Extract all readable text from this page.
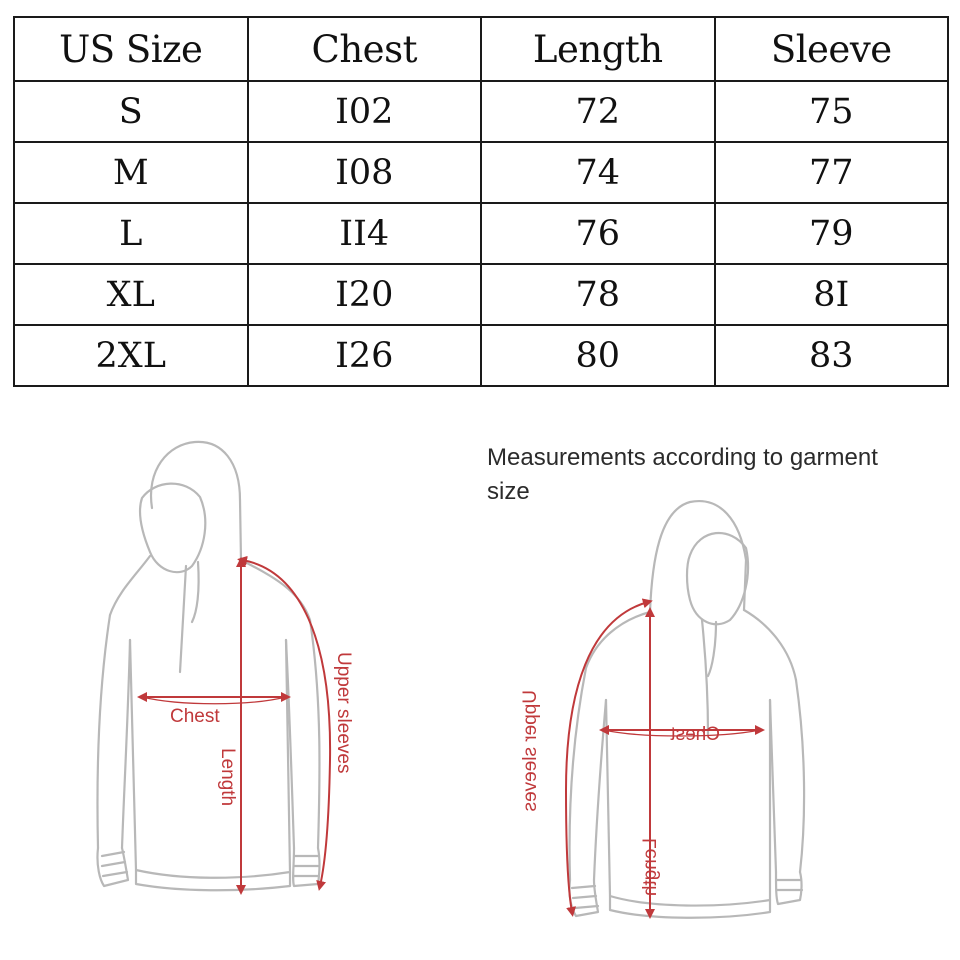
US Size	Chest	Length	Sleeve
S	I02	72	75
M	I08	74	77
L	II4	76	79
XL	I20	78	8I
2XL	I26	80	83

Measurements according to garment
size

Chest
Length
Upper sleeves	Chest
Length
Upper sleeves
